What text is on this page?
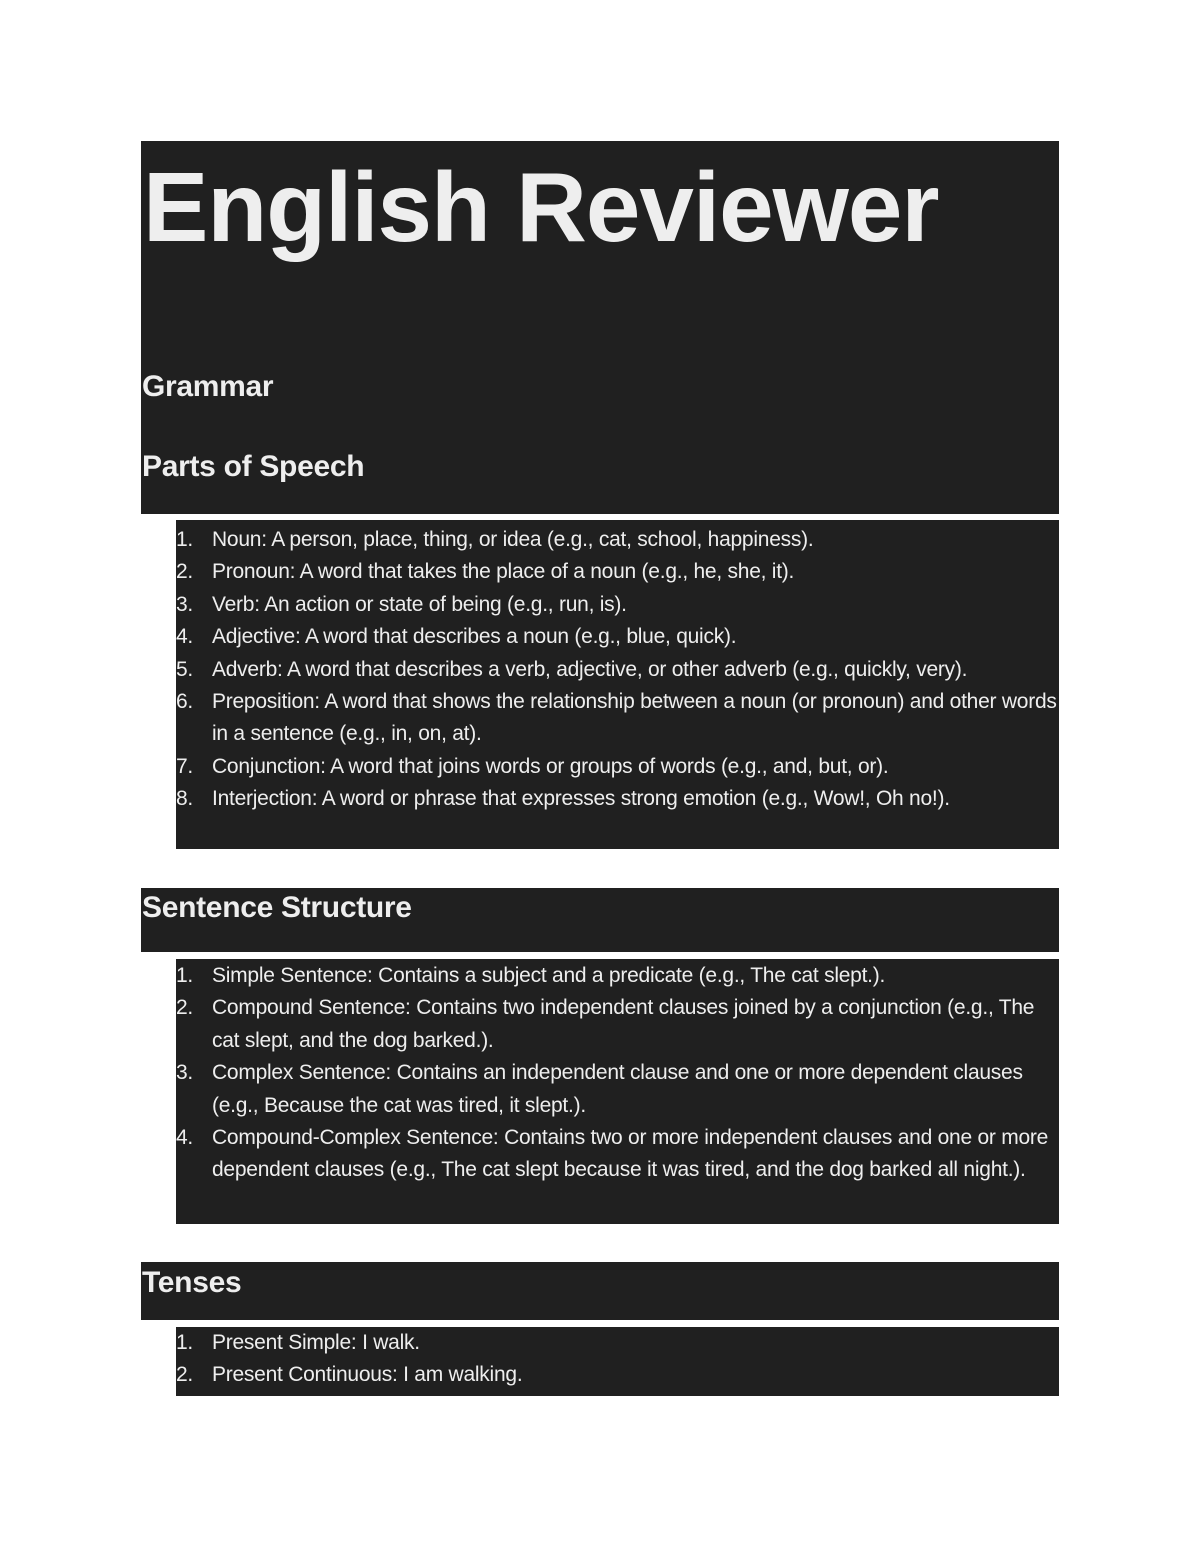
English Reviewer
Grammar
Parts of Speech
1. Noun: A person, place, thing, or idea (e.g., cat, school, happiness).
2. Pronoun: A word that takes the place of a noun (e.g., he, she, it).
3. Verb: An action or state of being (e.g., run, is).
4. Adjective: A word that describes a noun (e.g., blue, quick).
5. Adverb: A word that describes a verb, adjective, or other adverb (e.g., quickly, very).
6. Preposition: A word that shows the relationship between a noun (or pronoun) and other words in a sentence (e.g., in, on, at).
7. Conjunction: A word that joins words or groups of words (e.g., and, but, or).
8. Interjection: A word or phrase that expresses strong emotion (e.g., Wow!, Oh no!).
Sentence Structure
1. Simple Sentence: Contains a subject and a predicate (e.g., The cat slept.).
2. Compound Sentence: Contains two independent clauses joined by a conjunction (e.g., The cat slept, and the dog barked.).
3. Complex Sentence: Contains an independent clause and one or more dependent clauses (e.g., Because the cat was tired, it slept.).
4. Compound-Complex Sentence: Contains two or more independent clauses and one or more dependent clauses (e.g., The cat slept because it was tired, and the dog barked all night.).
Tenses
1. Present Simple: I walk.
2. Present Continuous: I am walking.
